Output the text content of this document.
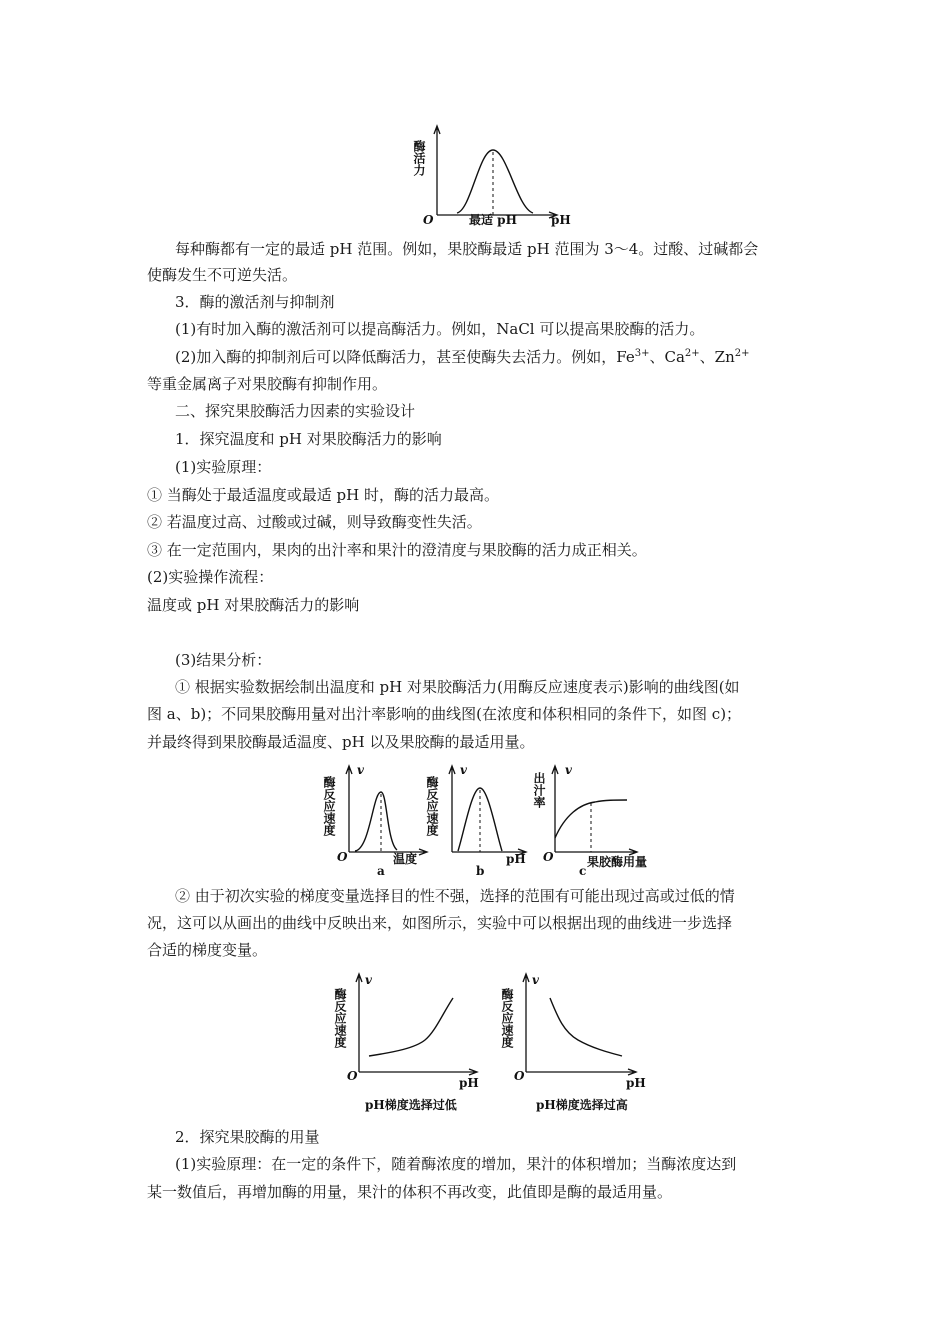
酶活力
O	最适 pH	pH
每种酶都有一定的最适 pH 范围。例如，果胶酶最适 pH 范围为 3～4。过酸、过碱都会
使酶发生不可逆失活。
3．酶的激活剂与抑制剂
(1)有时加入酶的激活剂可以提高酶活力。例如，NaCl 可以提高果胶酶的活力。
(2)加入酶的抑制剂后可以降低酶活力，甚至使酶失去活力。例如，$Fe^{3+}$、$Ca^{2+}$、$Zn^{2+}$
等重金属离子对果胶酶有抑制作用。
二、探究果胶酶活力因素的实验设计
1．探究温度和 pH 对果胶酶活力的影响
(1)实验原理：
① 当酶处于最适温度或最适 pH 时，酶的活力最高。
② 若温度过高、过酸或过碱，则导致酶变性失活。
③ 在一定范围内，果肉的出汁率和果汁的澄清度与果胶酶的活力成正相关。
(2)实验操作流程：
温度或 pH 对果胶酶活力的影响
(3)结果分析：
① 根据实验数据绘制出温度和 pH 对果胶酶活力(用酶反应速度表示)影响的曲线图(如
图 a、b)；不同果胶酶用量对出汁率影响的曲线图(在浓度和体积相同的条件下，如图 c)；
并最终得到果胶酶最适温度、pH 以及果胶酶的最适用量。
酶反应速度
v
O	温度
a
酶反应速度
v
pH
b
出汁率
v
O	果胶酶用量
c
② 由于初次实验的梯度变量选择目的性不强，选择的范围有可能出现过高或过低的情
况，这可以从画出的曲线中反映出来，如图所示，实验中可以根据出现的曲线进一步选择
合适的梯度变量。
酶反应速度
v
O	pH
pH梯度选择过低
酶反应速度
v
O	pH
pH梯度选择过高
2．探究果胶酶的用量
(1)实验原理：在一定的条件下，随着酶浓度的增加，果汁的体积增加；当酶浓度达到
某一数值后，再增加酶的用量，果汁的体积不再改变，此值即是酶的最适用量。
